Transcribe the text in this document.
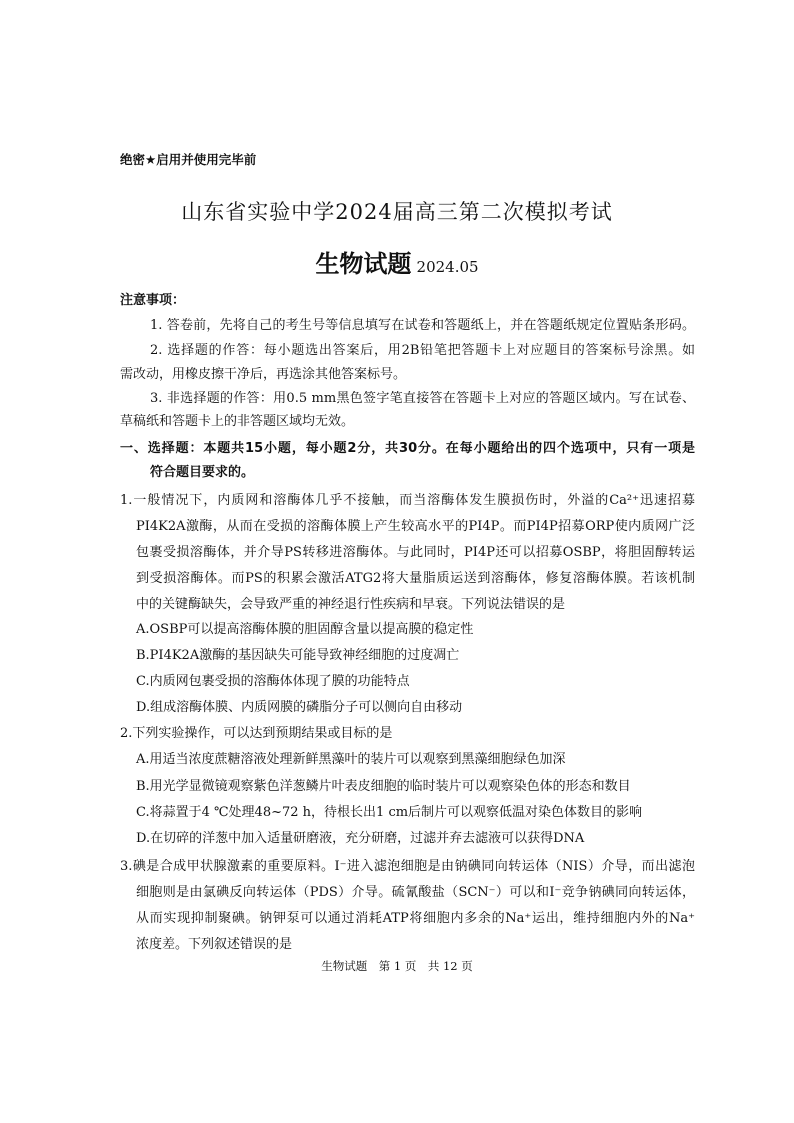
绝密★启用并使用完毕前
山东省实验中学2024届高三第二次模拟考试
生物试题 2024.05
注意事项：
1. 答卷前，先将自己的考生号等信息填写在试卷和答题纸上，并在答题纸规定位置贴条形码。
2. 选择题的作答：每小题选出答案后，用2B铅笔把答题卡上对应题目的答案标号涂黑。如
需改动，用橡皮擦干净后，再选涂其他答案标号。
3. 非选择题的作答：用0.5 mm黑色签字笔直接答在答题卡上对应的答题区域内。写在试卷、
草稿纸和答题卡上的非答题区域均无效。
一、选择题：本题共15小题，每小题2分，共30分。在每小题给出的四个选项中，只有一项是
符合题目要求的。
1.一般情况下，内质网和溶酶体几乎不接触，而当溶酶体发生膜损伤时，外溢的Ca²⁺迅速招募
PI4K2A激酶，从而在受损的溶酶体膜上产生较高水平的PI4P。而PI4P招募ORP使内质网广泛
包裹受损溶酶体，并介导PS转移进溶酶体。与此同时，PI4P还可以招募OSBP，将胆固醇转运
到受损溶酶体。而PS的积累会激活ATG2将大量脂质运送到溶酶体，修复溶酶体膜。若该机制
中的关键酶缺失，会导致严重的神经退行性疾病和早衰。下列说法错误的是
A.OSBP可以提高溶酶体膜的胆固醇含量以提高膜的稳定性
B.PI4K2A激酶的基因缺失可能导致神经细胞的过度凋亡
C.内质网包裹受损的溶酶体体现了膜的功能特点
D.组成溶酶体膜、内质网膜的磷脂分子可以侧向自由移动
2.下列实验操作，可以达到预期结果或目标的是
A.用适当浓度蔗糖溶液处理新鲜黑藻叶的装片可以观察到黑藻细胞绿色加深
B.用光学显微镜观察紫色洋葱鳞片叶表皮细胞的临时装片可以观察染色体的形态和数目
C.将蒜置于4 ℃处理48~72 h，待根长出1 cm后制片可以观察低温对染色体数目的影响
D.在切碎的洋葱中加入适量研磨液，充分研磨，过滤并弃去滤液可以获得DNA
3.碘是合成甲状腺激素的重要原料。I⁻进入滤泡细胞是由钠碘同向转运体（NIS）介导，而出滤泡
细胞则是由氯碘反向转运体（PDS）介导。硫氰酸盐（SCN⁻）可以和I⁻竞争钠碘同向转运体，
从而实现抑制聚碘。钠钾泵可以通过消耗ATP将细胞内多余的Na⁺运出，维持细胞内外的Na⁺
浓度差。下列叙述错误的是
生物试题　第 1 页　共 12 页
